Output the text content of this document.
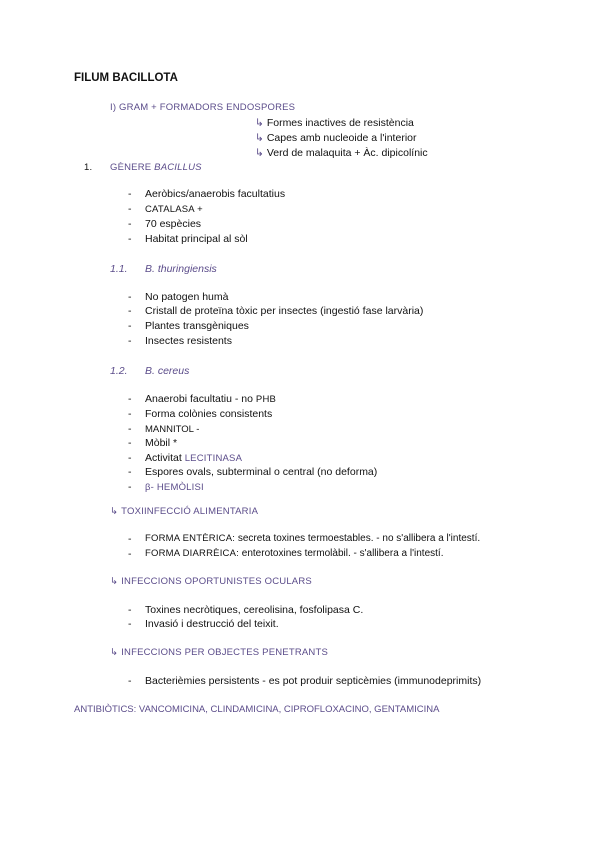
FILUM BACILLOTA
I) GRAM + FORMADORS ENDOSPORES
↳ Formes inactives de resistència
↳ Capes amb nucleoide a l'interior
↳ Verd de malaquita + Àc. dipicolínic
1. GÈNERE BACILLUS
- Aeròbics/anaerobis facultatius
- CATALASA +
- 70 espècies
- Habitat principal al sòl
1.1. B. thuringiensis
- No patogen humà
- Cristall de proteïna tòxic per insectes (ingestió fase larvària)
- Plantes transgèniques
- Insectes resistents
1.2. B. cereus
- Anaerobi facultatiu - no PHB
- Forma colònies consistents
- MANNITOL -
- Mòbil *
- Activitat LECITINASA
- Espores ovals, subterminal o central (no deforma)
- β- HEMÒLISI
↳ TOXIINFECCIÓ ALIMENTARIA
- FORMA ENTÈRICA: secreta toxines termoestables. - no s'allibera a l'intestí.
- FORMA DIARRÈICA: enterotoxines termolàbil. - s'allibera a l'intestí.
↳ INFECCIONS OPORTUNISTES OCULARS
- Toxines necròtiques, cereolisina, fosfolipasa C.
- Invasió i destrucció del teixit.
↳ INFECCIONS PER OBJECTES PENETRANTS
- Bacterièmies persistents - es pot produir septicèmies (immunodeprimits)
ANTIBIÒTICS: VANCOMICINA, CLINDAMICINA, CIPROFLOXACINO, GENTAMICINA
